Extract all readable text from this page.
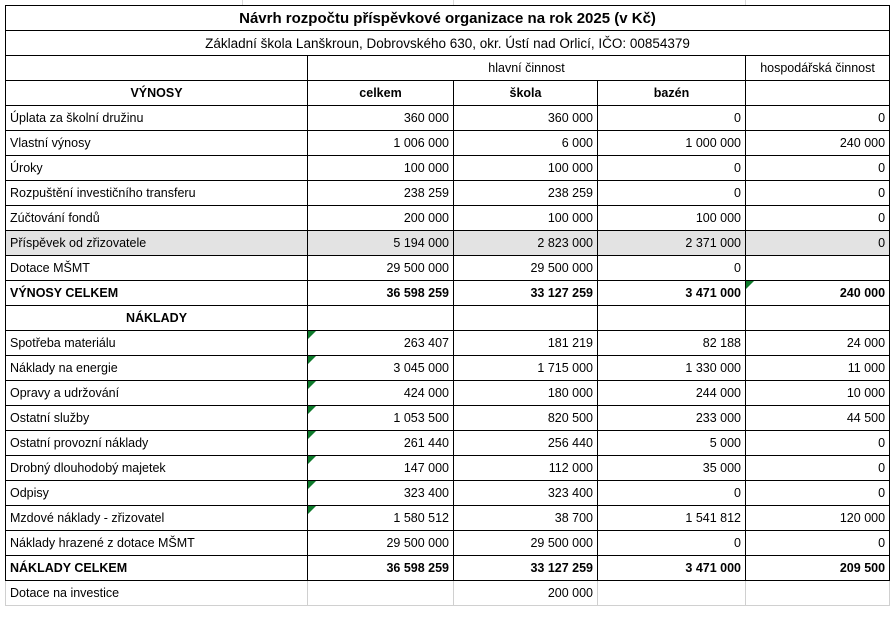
Návrh rozpočtu příspěvkové organizace na rok 2025 (v Kč)				
Základní škola Lanškroun, Dobrovského 630, okr. Ústí nad Orlicí, IČO: 00854379				
	hlavní činnost			hospodářská činnost
VÝNOSY	celkem	škola	bazén	
Úplata za školní družinu	360 000	360 000	0	0
Vlastní výnosy	1 006 000	6 000	1 000 000	240 000
Úroky	100 000	100 000	0	0
Rozpuštění investičního transferu	238 259	238 259	0	0
Zúčtování fondů	200 000	100 000	100 000	0
Příspěvek od zřizovatele	5 194 000	2 823 000	2 371 000	0
Dotace MŠMT	29 500 000	29 500 000	0	
VÝNOSY CELKEM	36 598 259	33 127 259	3 471 000	240 000
NÁKLADY				
Spotřeba materiálu	263 407	181 219	82 188	24 000
Náklady na energie	3 045 000	1 715 000	1 330 000	11 000
Opravy a udržování	424 000	180 000	244 000	10 000
Ostatní služby	1 053 500	820 500	233 000	44 500
Ostatní provozní náklady	261 440	256 440	5 000	0
Drobný dlouhodobý majetek	147 000	112 000	35 000	0
Odpisy	323 400	323 400	0	0
Mzdové náklady - zřizovatel	1 580 512	38 700	1 541 812	120 000
Náklady hrazené z dotace MŠMT	29 500 000	29 500 000	0	0
NÁKLADY CELKEM	36 598 259	33 127 259	3 471 000	209 500
Dotace na investice		200 000		
